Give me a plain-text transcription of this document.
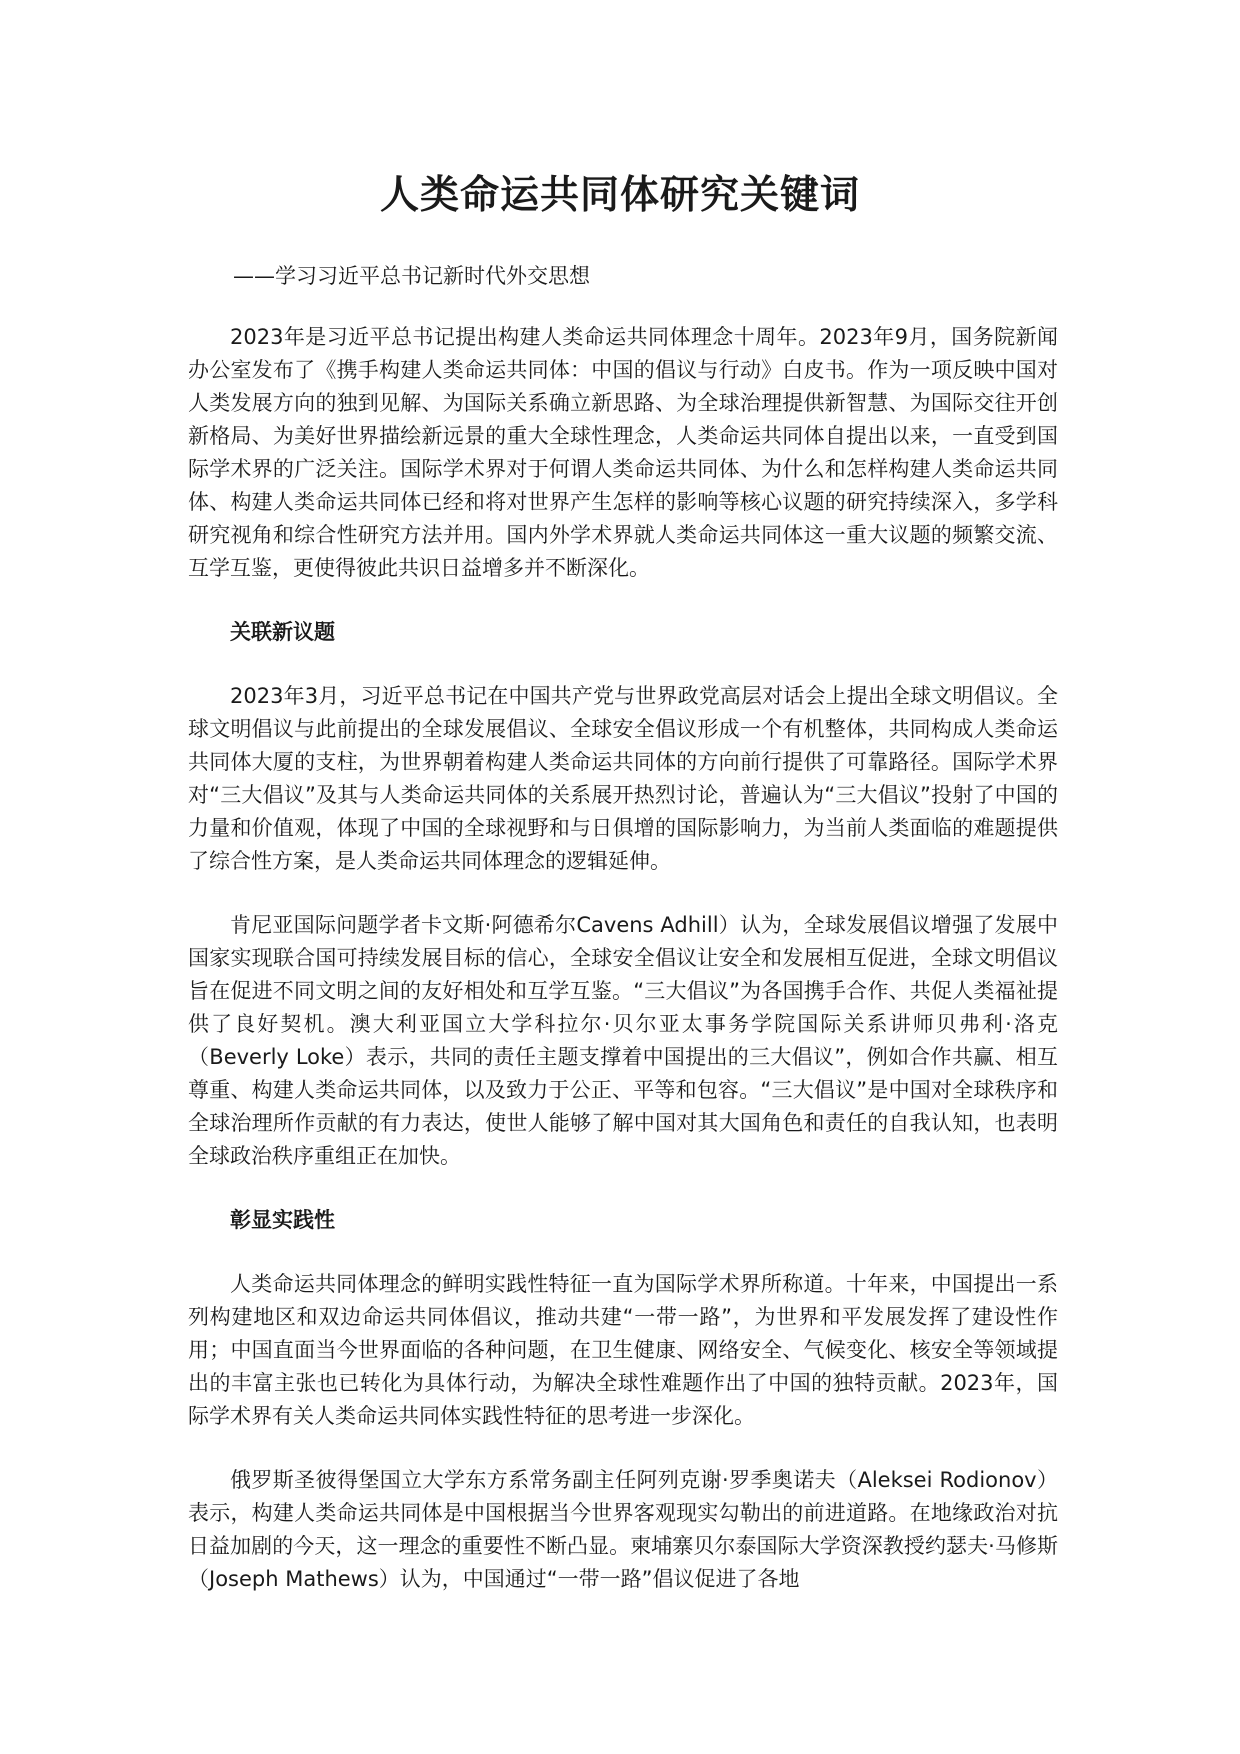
人类命运共同体研究关键词

——学习习近平总书记新时代外交思想

2023年是习近平总书记提出构建人类命运共同体理念十周年。2023年9月，国务院新闻办公室发布了《携手构建人类命运共同体：中国的倡议与行动》白皮书。作为一项反映中国对人类发展方向的独到见解、为国际关系确立新思路、为全球治理提供新智慧、为国际交往开创新格局、为美好世界描绘新远景的重大全球性理念，人类命运共同体自提出以来，一直受到国际学术界的广泛关注。国际学术界对于何谓人类命运共同体、为什么和怎样构建人类命运共同体、构建人类命运共同体已经和将对世界产生怎样的影响等核心议题的研究持续深入，多学科研究视角和综合性研究方法并用。国内外学术界就人类命运共同体这一重大议题的频繁交流、互学互鉴，更使得彼此共识日益增多并不断深化。

关联新议题

2023年3月，习近平总书记在中国共产党与世界政党高层对话会上提出全球文明倡议。全球文明倡议与此前提出的全球发展倡议、全球安全倡议形成一个有机整体，共同构成人类命运共同体大厦的支柱，为世界朝着构建人类命运共同体的方向前行提供了可靠路径。国际学术界对“三大倡议”及其与人类命运共同体的关系展开热烈讨论，普遍认为“三大倡议”投射了中国的力量和价值观，体现了中国的全球视野和与日俱增的国际影响力，为当前人类面临的难题提供了综合性方案，是人类命运共同体理念的逻辑延伸。

肯尼亚国际问题学者卡文斯·阿德希尔Cavens Adhill）认为，全球发展倡议增强了发展中国家实现联合国可持续发展目标的信心，全球安全倡议让安全和发展相互促进，全球文明倡议旨在促进不同文明之间的友好相处和互学互鉴。“三大倡议”为各国携手合作、共促人类福祉提供了良好契机。澳大利亚国立大学科拉尔·贝尔亚太事务学院国际关系讲师贝弗利·洛克（Beverly Loke）表示，共同的责任主题支撑着中国提出的三大倡议”，例如合作共赢、相互尊重、构建人类命运共同体，以及致力于公正、平等和包容。“三大倡议”是中国对全球秩序和全球治理所作贡献的有力表达，使世人能够了解中国对其大国角色和责任的自我认知，也表明全球政治秩序重组正在加快。

彰显实践性

人类命运共同体理念的鲜明实践性特征一直为国际学术界所称道。十年来，中国提出一系列构建地区和双边命运共同体倡议，推动共建“一带一路”，为世界和平发展发挥了建设性作用；中国直面当今世界面临的各种问题，在卫生健康、网络安全、气候变化、核安全等领域提出的丰富主张也已转化为具体行动，为解决全球性难题作出了中国的独特贡献。2023年，国际学术界有关人类命运共同体实践性特征的思考进一步深化。

俄罗斯圣彼得堡国立大学东方系常务副主任阿列克谢·罗季奥诺夫（Aleksei Rodionov）表示，构建人类命运共同体是中国根据当今世界客观现实勾勒出的前进道路。在地缘政治对抗日益加剧的今天，这一理念的重要性不断凸显。柬埔寨贝尔泰国际大学资深教授约瑟夫·马修斯（Joseph Mathews）认为，中国通过“一带一路”倡议促进了各地
